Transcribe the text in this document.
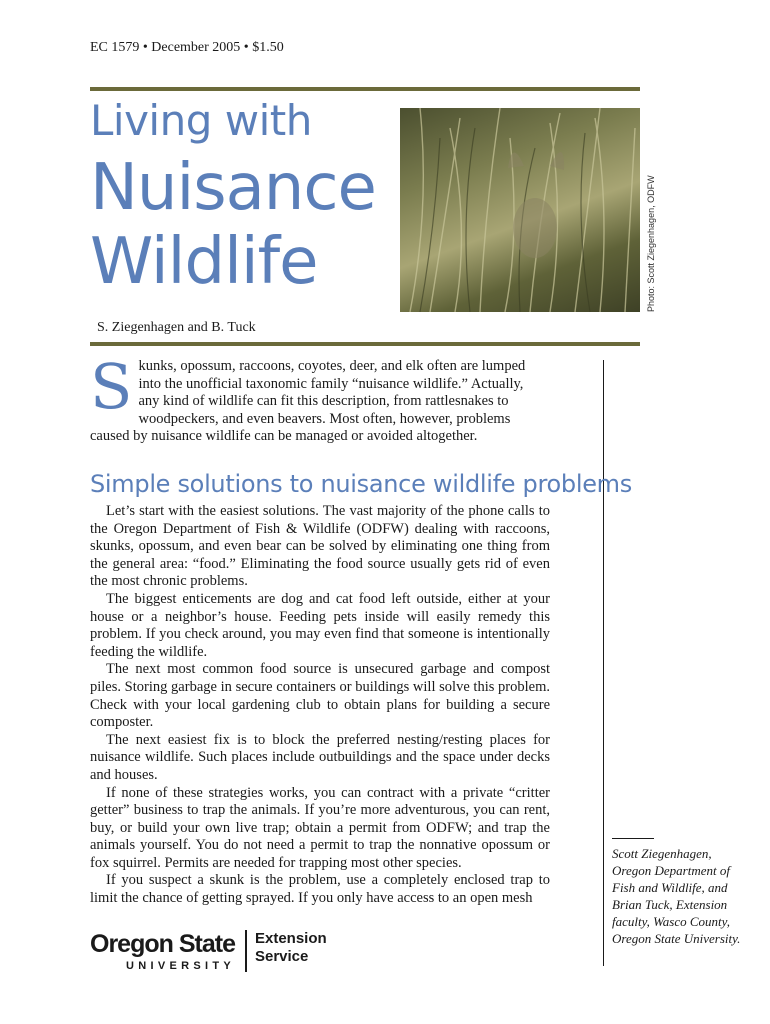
EC 1579 • December 2005 • $1.50
Living with
Nuisance
Wildlife	Photo: Scott Ziegenhagen, ODFW
S. Ziegenhagen and B. Tuck
S kunks, opossum, raccoons, coyotes, deer, and elk often are lumped into the unofficial taxonomic family “nuisance wildlife.” Actually, any kind of wildlife can fit this description, from rattlesnakes to woodpeckers, and even beavers. Most often, however, problems caused by nuisance wildlife can be managed or avoided altogether.
Simple solutions to nuisance wildlife problems

Let’s start with the easiest solutions. The vast majority of the phone calls to the Oregon Department of Fish & Wildlife (ODFW) dealing with raccoons, skunks, opossum, and even bear can be solved by eliminating one thing from the general area: “food.” Eliminating the food source usually gets rid of even the most chronic problems.

The biggest enticements are dog and cat food left outside, either at your house or a neighbor’s house. Feeding pets inside will easily remedy this problem. If you check around, you may even find that someone is intentionally feeding the wildlife.

The next most common food source is unsecured garbage and compost piles. Storing garbage in secure containers or buildings will solve this problem. Check with your local gardening club to obtain plans for building a secure composter.

The next easiest fix is to block the preferred nesting/resting places for nuisance wildlife. Such places include outbuildings and the space under decks and houses.

If none of these strategies works, you can contract with a private “critter getter” business to trap the animals. If you’re more adventurous, you can rent, buy, or build your own live trap; obtain a permit from ODFW; and trap the animals yourself. You do not need a permit to trap the nonnative opossum or fox squirrel. Permits are needed for trapping most other species.

If you suspect a skunk is the problem, use a completely enclosed trap to limit the chance of getting sprayed. If you only have access to an open mesh

Scott Ziegenhagen, Oregon Department of Fish and Wildlife, and Brian Tuck, Extension faculty, Wasco County, Oregon State University.
Oregon State
UNIVERSITY
Extension
Service
